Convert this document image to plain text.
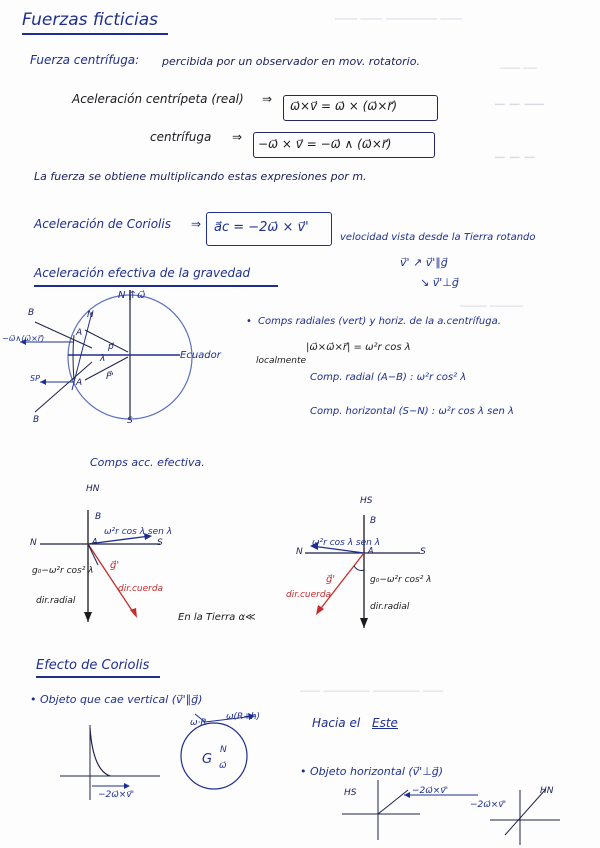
─── ─── ─────── ───
─── ──
─ ─ ──
─ ─ ─
──── ─────
─── ─────── ─────── ───
Fuerzas ficticias
Fuerza centrífuga: percibida por un observador en mov. rotatorio.
Aceleración centrípeta (real) ⇒ ω⃗×v⃗ = ω⃗ × (ω⃗×r⃗)
centrífuga ⇒ −ω⃗ × v⃗ = −ω⃗ ∧ (ω⃗×r⃗)
La fuerza se obtiene multiplicando estas expresiones por m.
Aceleración de Coriolis ⇒ a⃗c = −2ω⃗ × v⃗'
velocidad vista desde la Tierra rotando
v⃗' ↗ v⃗'∥g⃗
↘ v⃗'⊥g⃗
Aceleración efectiva de la gravedad
N ↑ω⃗
Ecuador
S
N
B
B
A
A
−ω⃗∧(ω⃗×r⃗)
SP
p⃗
P⃗'
λ
• Comps radiales (vert) y horiz. de la a.centrífuga.
|ω⃗×ω⃗×r⃗| = ω²r cos λ
localmente
Comp. radial (A−B) : ω²r cos² λ
Comp. horizontal (S−N) : ω²r cos λ sen λ
Comps acc. efectiva.
HN
B
N	S
A
ω²r cos λ sen λ
g₀−ω²r cos² λ g⃗'
dir.cuerda
dir.radial
HS
B
N	S
A
ω²r cos λ sen λ
g₀−ω²r cos² λ
g⃗'
dir.cuerda
dir.radial
En la Tierra α≪
Efecto de Coriolis
• Objeto que cae vertical (v⃗'∥g⃗)
−2ω⃗×v⃗'
ω(R+h)
ω·R
G
N
ω⃗
Hacia el Este
• Objeto horizontal (v⃗'⊥g⃗)
HS	−2ω⃗×v⃗'	HN
−2ω⃗×v⃗'
